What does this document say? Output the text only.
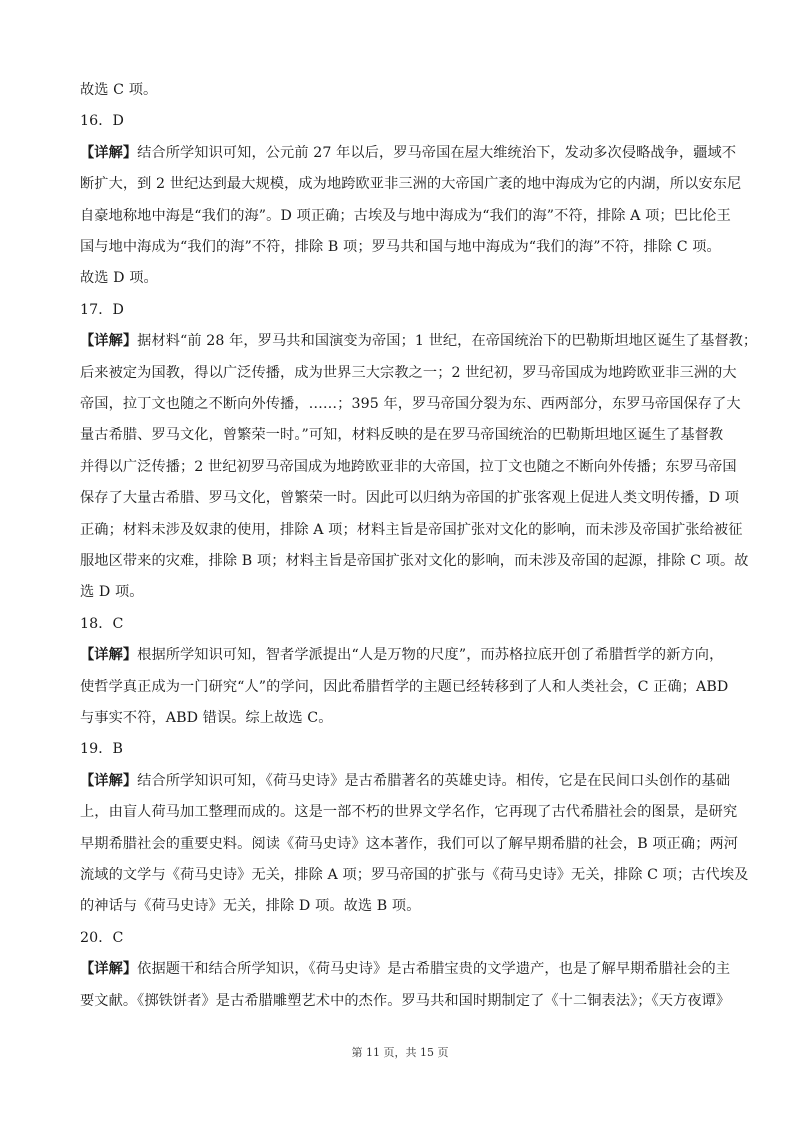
故选 C 项。
16．D
【详解】结合所学知识可知，公元前 27 年以后，罗马帝国在屋大维统治下，发动多次侵略战争，疆域不
断扩大，到 2 世纪达到最大规模，成为地跨欧亚非三洲的大帝国广袤的地中海成为它的内湖，所以安东尼
自豪地称地中海是“我们的海”。D 项正确；古埃及与地中海成为“我们的海”不符，排除 A 项；巴比伦王
国与地中海成为“我们的海”不符，排除 B 项；罗马共和国与地中海成为“我们的海”不符，排除 C 项。
故选 D 项。
17．D
【详解】据材料“前 28 年，罗马共和国演变为帝国；1 世纪，在帝国统治下的巴勒斯坦地区诞生了基督教；
后来被定为国教，得以广泛传播，成为世界三大宗教之一；2 世纪初，罗马帝国成为地跨欧亚非三洲的大
帝国，拉丁文也随之不断向外传播，……；395 年，罗马帝国分裂为东、西两部分，东罗马帝国保存了大
量古希腊、罗马文化，曾繁荣一时。”可知，材料反映的是在罗马帝国统治的巴勒斯坦地区诞生了基督教
并得以广泛传播；2 世纪初罗马帝国成为地跨欧亚非的大帝国，拉丁文也随之不断向外传播；东罗马帝国
保存了大量古希腊、罗马文化，曾繁荣一时。因此可以归纳为帝国的扩张客观上促进人类文明传播，D 项
正确；材料未涉及奴隶的使用，排除 A 项；材料主旨是帝国扩张对文化的影响，而未涉及帝国扩张给被征
服地区带来的灾难，排除 B 项；材料主旨是帝国扩张对文化的影响，而未涉及帝国的起源，排除 C 项。故
选 D 项。
18．C
【详解】根据所学知识可知，智者学派提出“人是万物的尺度”，而苏格拉底开创了希腊哲学的新方向，
使哲学真正成为一门研究“人”的学问，因此希腊哲学的主题已经转移到了人和人类社会，C 正确；ABD
与事实不符，ABD 错误。综上故选 C。
19．B
【详解】结合所学知识可知，《荷马史诗》是古希腊著名的英雄史诗。相传，它是在民间口头创作的基础
上，由盲人荷马加工整理而成的。这是一部不朽的世界文学名作，它再现了古代希腊社会的图景，是研究
早期希腊社会的重要史料。阅读《荷马史诗》这本著作，我们可以了解早期希腊的社会，B 项正确；两河
流域的文学与《荷马史诗》无关，排除 A 项；罗马帝国的扩张与《荷马史诗》无关，排除 C 项；古代埃及
的神话与《荷马史诗》无关，排除 D 项。故选 B 项。
20．C
【详解】依据题干和结合所学知识，《荷马史诗》是古希腊宝贵的文学遗产，也是了解早期希腊社会的主
要文献。《掷铁饼者》是古希腊雕塑艺术中的杰作。罗马共和国时期制定了《十二铜表法》；《天方夜谭》
第 11 页，共 15 页
